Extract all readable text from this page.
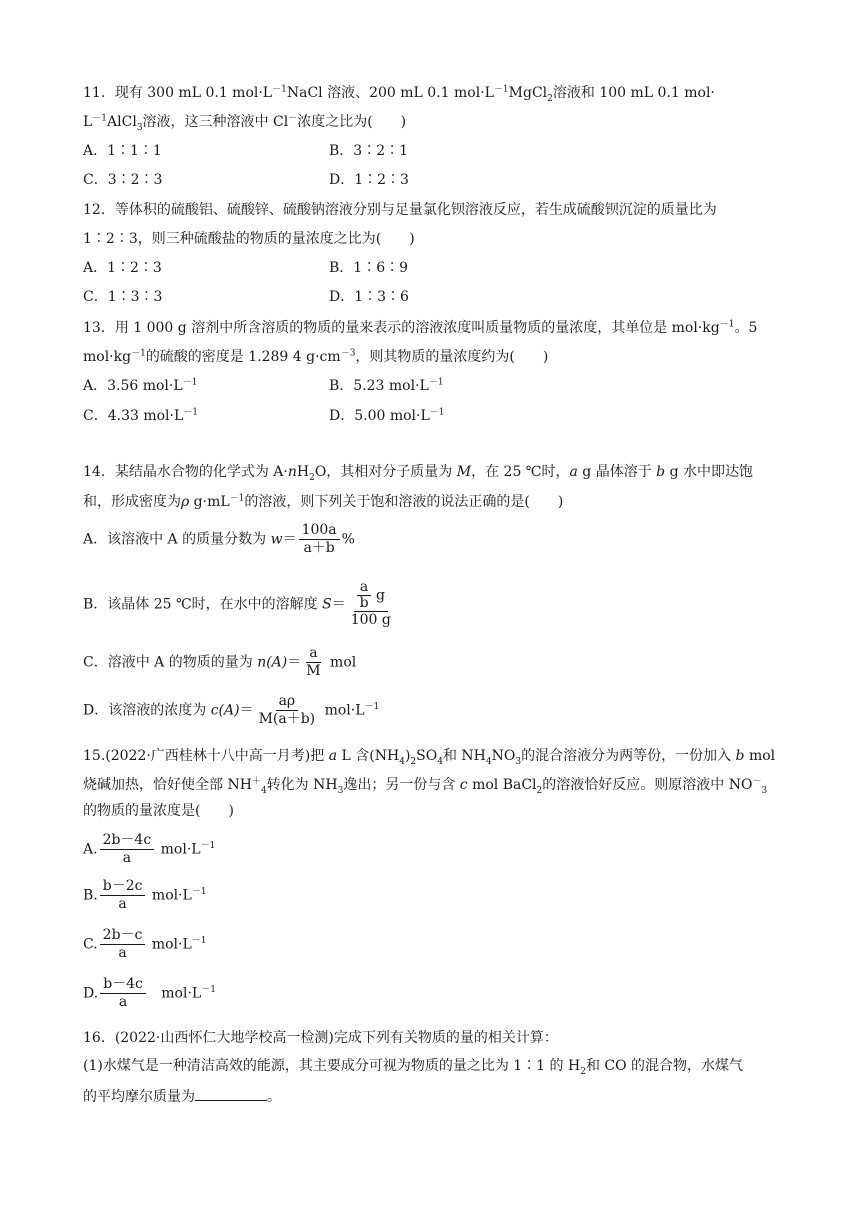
11．现有 300 mL 0.1 $mol\cdot L^{-1}NaCl$ 溶液、200 mL 0.1 $mol\cdot L^{-1}MgCl_2$溶液和 100 mL 0.1 mol·
$L^{-1}AlCl_3$溶液，这三种溶液中 Cl－浓度之比为( )
A．1∶1∶1	B．3∶2∶1
C．3∶2∶3	D．1∶2∶3
12．等体积的硫酸铝、硫酸锌、硫酸钠溶液分别与足量氯化钡溶液反应，若生成硫酸钡沉淀的质量比为
1∶2∶3，则三种硫酸盐的物质的量浓度之比为( )
A．1∶2∶3	B．1∶6∶9
C．1∶3∶3	D．1∶3∶6
13．用 1 000 g 溶剂中所含溶质的物质的量来表示的溶液浓度叫质量物质的量浓度，其单位是 $mol\cdot kg^{-1}$。5
$mol\cdot kg^{-1}$的硫酸的密度是 1.289 4 $g\cdot cm^{-3}$，则其物质的量浓度约为( )
A．3.56 $mol\cdot L^{-1}$	B．5.23 $mol\cdot L^{-1}$
C．4.33 $mol\cdot L^{-1}$	D．5.00 $mol\cdot L^{-1}$
14．某结晶水合物的化学式为 $A\cdot nH_2O$，其相对分子质量为 M，在 25 ℃时，a g 晶体溶于 b g 水中即达饱
和，形成密度为ρ $g\cdot mL^{-1}$的溶液，则下列关于饱和溶液的说法正确的是( )
A．该溶液中 A 的质量分数为 $w= \frac{100a}{a+b}$ %
B．该晶体 25 ℃时，在水中的溶解度 $S= \frac{\frac{a}{b} g}{100 g}$
C．溶液中 A 的物质的量为 $n(A)= \frac{a}{M}$ mol
D．该溶液的浓度为 $c(A)= \frac{a\rho}{M(a+b)} mol\cdot L^{-1}$
15.(2022·广西桂林十八中高一月考)把 a L 含$(NH_4)_2SO_4$和 $NH_4NO_3$的混合溶液分为两等份，一份加入 b mol
烧碱加热，恰好使全部 $NH^+_4$转化为 $NH_3$逸出；另一份与含 c mol BaCl$_2$的溶液恰好反应。则原溶液中 $NO^-_3$
的物质的量浓度是( )
A. $\frac{2b-4c}{a} mol\cdot L^{-1}$
B. $\frac{b-2c}{a} mol\cdot L^{-1}$
C. $\frac{2b-c}{a} mol\cdot L^{-1}$
D. $\frac{b-4c}{a} mol\cdot L^{-1}$
16．(2022·山西怀仁大地学校高一检测)完成下列有关物质的量的相关计算：
(1)水煤气是一种清洁高效的能源，其主要成分可视为物质的量之比为 1∶1 的 $H_2$和 CO 的混合物，水煤气
的平均摩尔质量为	。
